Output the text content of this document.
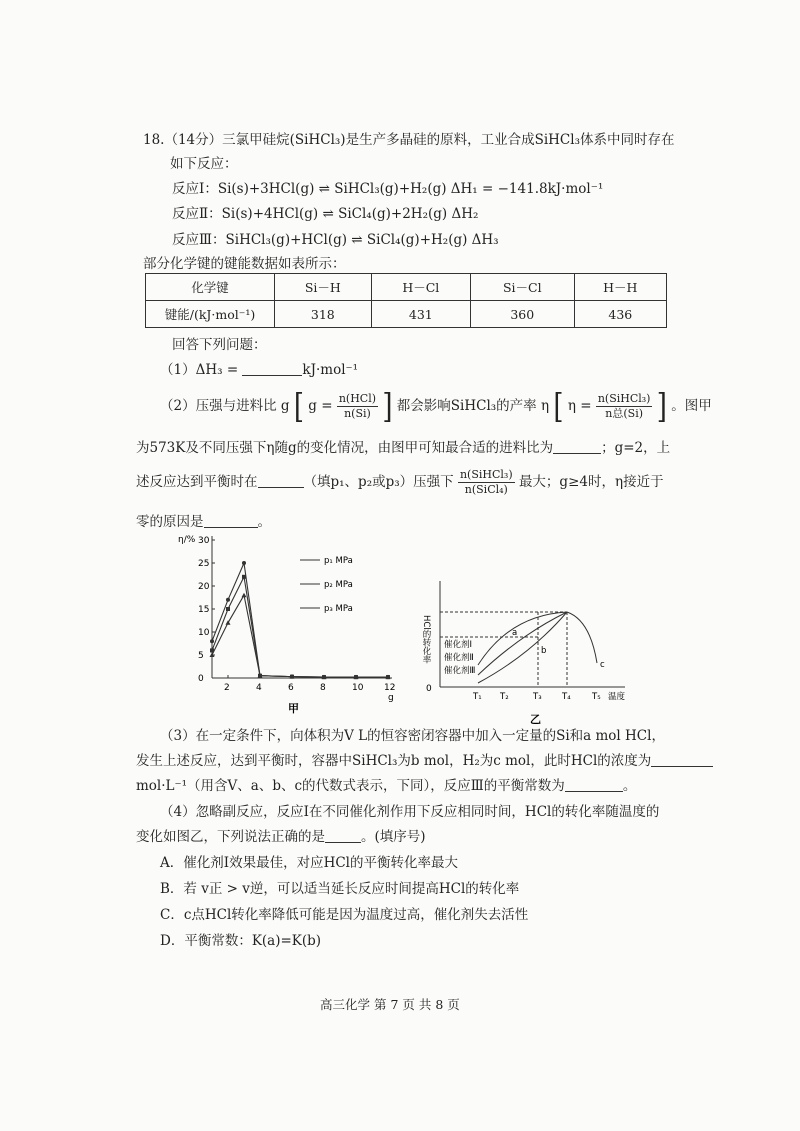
18.（14分）三氯甲硅烷(SiHCl₃)是生产多晶硅的原料，工业合成SiHCl₃体系中同时存在
如下反应：
反应Ⅰ：Si(s)+3HCl(g) ⇌ SiHCl₃(g)+H₂(g) ΔH₁ = −141.8kJ·mol⁻¹
反应Ⅱ：Si(s)+4HCl(g) ⇌ SiCl₄(g)+2H₂(g) ΔH₂
反应Ⅲ：SiHCl₃(g)+HCl(g) ⇌ SiCl₄(g)+H₂(g) ΔH₃
部分化学键的键能数据如表所示：
化学键	Si－H	H－Cl	Si－Cl	H－H
键能/(kJ·mol⁻¹)	318	431	360	436
回答下列问题：
（1）ΔH₃ =	kJ·mol⁻¹
（2）压强与进料比 g [ $g = \frac{\text{n(HCl)}}{n(Si)}$ ] 都会影响SiHCl₃的产率 η [ $\eta = \frac{\text{n(SiHCl₃)}}{\text{n总(Si)}}$ ] 。图甲
为573K及不同压强下η随g的变化情况，由图甲可知最合适的进料比为	；g=2，上
述反应达到平衡时在	（填p₁、p₂或p₃）压强下 $\frac{\text{n(SiHCl₃)}}{\text{n(SiCl₄)}}$ 最大；g≥4时，η接近于
零的原因是	。
η/%
0
5
10
15
20
25
30
2	4	6	8	10 12
g
甲
p₁ MPa
p₂ MPa
p₃ MPa
0
HCl的转化率
T₁ T₂	T₃ T₄	T₅ 温度
乙
a
b
c
催化剂Ⅰ
催化剂Ⅱ
催化剂Ⅲ
（3）在一定条件下，向体积为V L的恒容密闭容器中加入一定量的Si和a mol HCl，
发生上述反应，达到平衡时，容器中SiHCl₃为b mol，H₂为c mol，此时HCl的浓度为
mol·L⁻¹（用含V、a、b、c的代数式表示，下同），反应Ⅲ的平衡常数为	。
（4）忽略副反应，反应Ⅰ在不同催化剂作用下反应相同时间，HCl的转化率随温度的
变化如图乙，下列说法正确的是	。(填序号)
A．催化剂Ⅰ效果最佳，对应HCl的平衡转化率最大
B．若 v正 > v逆，可以适当延长反应时间提高HCl的转化率
C．c点HCl转化率降低可能是因为温度过高，催化剂失去活性
D．平衡常数：K(a)=K(b)
高三化学 第 7 页 共 8 页
